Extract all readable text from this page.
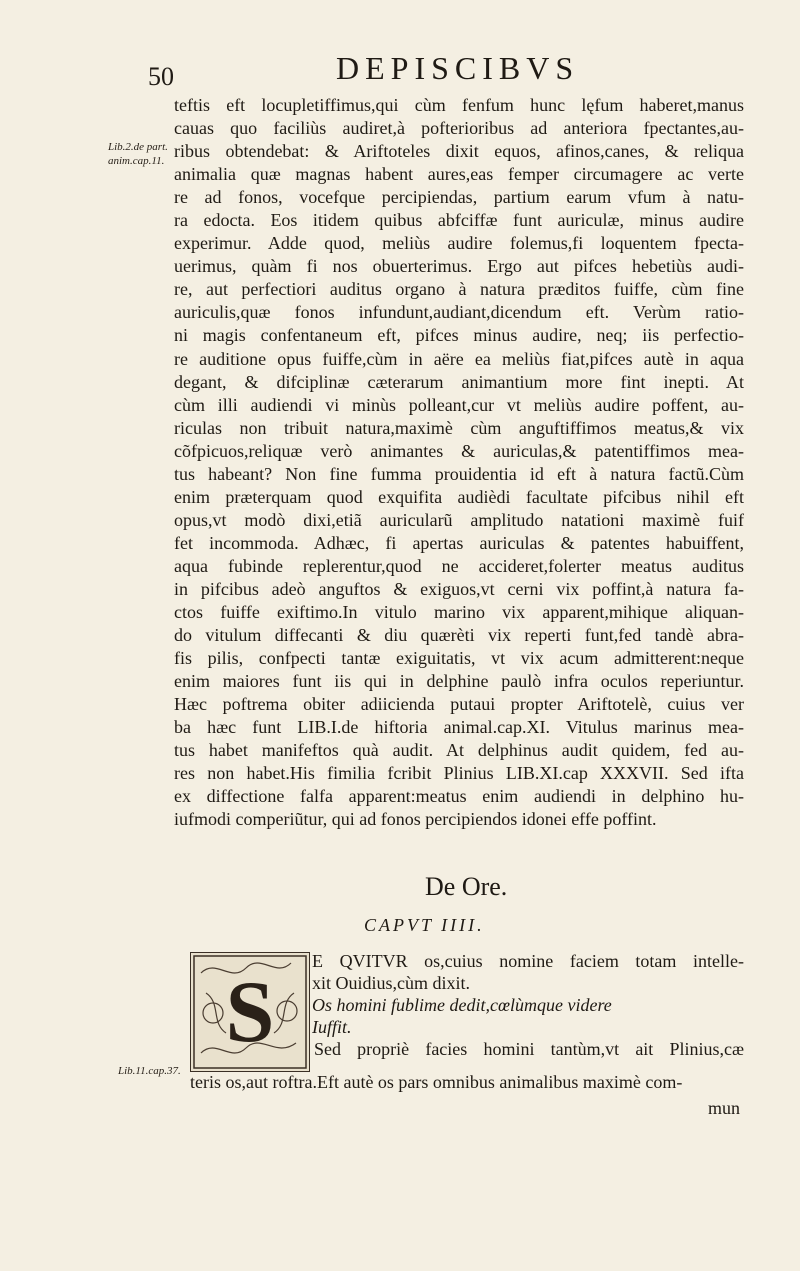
50	DEPISCIBVS
Lib.2.de part.
anim.cap.11.
Lib.11.cap.37.
teftis eft locupletiffimus,qui cùm fenfum hunc lęfum haberet,manus
cauas quo faciliùs audiret,à pofterioribus ad anteriora fpectantes,au-
ribus obtendebat: & Ariftoteles dixit equos, afinos,canes, & reliqua
animalia quæ magnas habent aures,eas femper circumagere ac verte
re ad fonos, vocefque percipiendas, partium earum vfum à natu-
ra edocta. Eos itidem quibus abfciffæ funt auriculæ, minus audire
experimur. Adde quod, meliùs audire folemus,fi loquentem fpecta-
uerimus, quàm fi nos obuerterimus. Ergo aut pifces hebetiùs audi-
re, aut perfectiori auditus organo à natura præditos fuiffe, cùm fine
auriculis,quæ fonos infundunt,audiant,dicendum eft. Verùm ratio-
ni magis confentaneum eft, pifces minus audire, neq; iis perfectio-
re auditione opus fuiffe,cùm in aëre ea meliùs fiat,pifces autè in aqua
degant, & difciplinæ cæterarum animantium more fint inepti. At
cùm illi audiendi vi minùs polleant,cur vt meliùs audire poffent, au-
riculas non tribuit natura,maximè cùm anguftiffimos meatus,& vix
cõfpicuos,reliquæ verò animantes & auriculas,& patentiffimos mea-
tus habeant? Non fine fumma prouidentia id eft à natura factũ.Cùm
enim præterquam quod exquifita audièdi facultate pifcibus nihil eft
opus,vt modò dixi,etiã auricularũ amplitudo natationi maximè fuif
fet incommoda. Adhæc, fi apertas auriculas & patentes habuiffent,
aqua fubinde replerentur,quod ne accideret,folerter meatus auditus
in pifcibus adeò anguftos & exiguos,vt cerni vix poffint,à natura fa-
ctos fuiffe exiftimo.In vitulo marino vix apparent,mihique aliquan-
do vitulum diffecanti & diu quærèti vix reperti funt,fed tandè abra-
fis pilis, confpecti tantæ exiguitatis, vt vix acum admitterent:neque
enim maiores funt iis qui in delphine paulò infra oculos reperiuntur.
Hæc poftrema obiter adiicienda putaui propter Ariftotelè, cuius ver
ba hæc funt LIB.I.de hiftoria animal.cap.XI. Vitulus marinus mea-
tus habet manifeftos quà audit. At delphinus audit quidem, fed au-
res non habet.His fimilia fcribit Plinius LIB.XI.cap XXXVII. Sed ifta
ex diffectione falfa apparent:meatus enim audiendi in delphino hu-
iufmodi comperiũtur, qui ad fonos percipiendos idonei effe poffint.
De Ore.
CAPVT IIII.
S
E QVITVR os,cuius nomine faciem totam intelle-
xit Ouidius,cùm dixit.
Os homini fublime dedit,cœlùmque videre
Iuffit.
Sed propriè facies homini tantùm,vt ait Plinius,cæ
teris os,aut roftra.Eft autè os pars omnibus animalibus maximè com-
mun
